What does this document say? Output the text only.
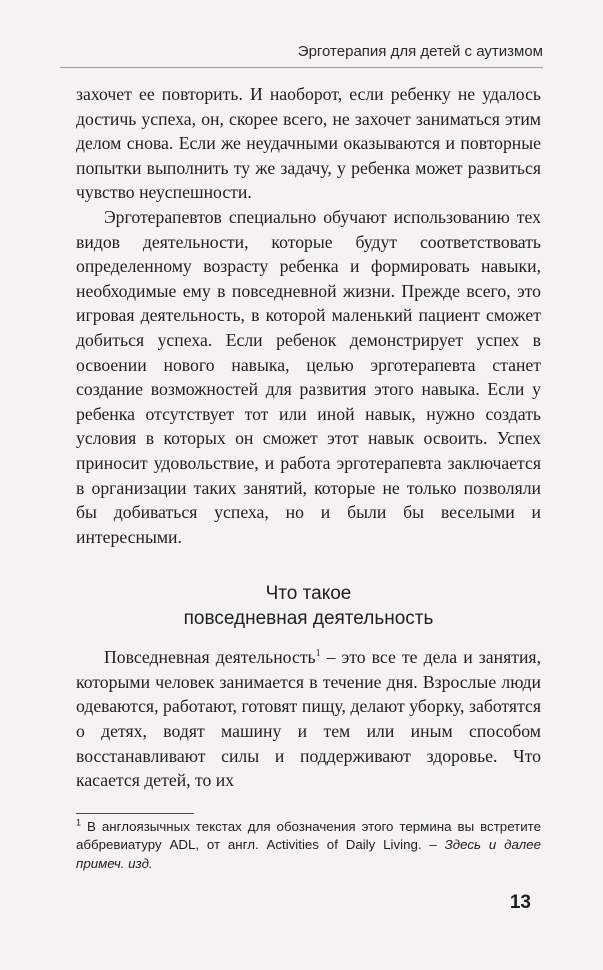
Эрготерапия для детей с аутизмом

захочет ее повторить. И наоборот, если ребенку не удалось достичь успеха, он, скорее всего, не захочет заниматься этим делом снова. Если же неудачными оказываются и повторные попытки выполнить ту же задачу, у ребенка может развиться чувство неуспешности.

Эрготерапевтов специально обучают использованию тех видов деятельности, которые будут соответствовать определенному возрасту ребенка и формировать навыки, необходимые ему в повседневной жизни. Прежде всего, это игровая деятельность, в которой маленький пациент сможет добиться успеха. Если ребенок демонстрирует успех в освоении нового навыка, целью эрготерапевта станет создание возможностей для развития этого навыка. Если у ребенка отсутствует тот или иной навык, нужно создать условия в которых он сможет этот навык освоить. Успех приносит удовольствие, и работа эрготерапевта заключается в организации таких занятий, которые не только позволяли бы добиваться успеха, но и были бы веселыми и интересными.

Что такое
повседневная деятельность

Повседневная деятельность$^1$ – это все те дела и занятия, которыми человек занимается в течение дня. Взрослые люди одеваются, работают, готовят пищу, делают уборку, заботятся о детях, водят машину и тем или иным способом восстанавливают силы и поддерживают здоровье. Что касается детей, то их

$^1$ В англоязычных текстах для обозначения этого термина вы встретите аббревиатуру ADL, от англ. Activities of Daily Living. – Здесь и далее примеч. изд.

13
